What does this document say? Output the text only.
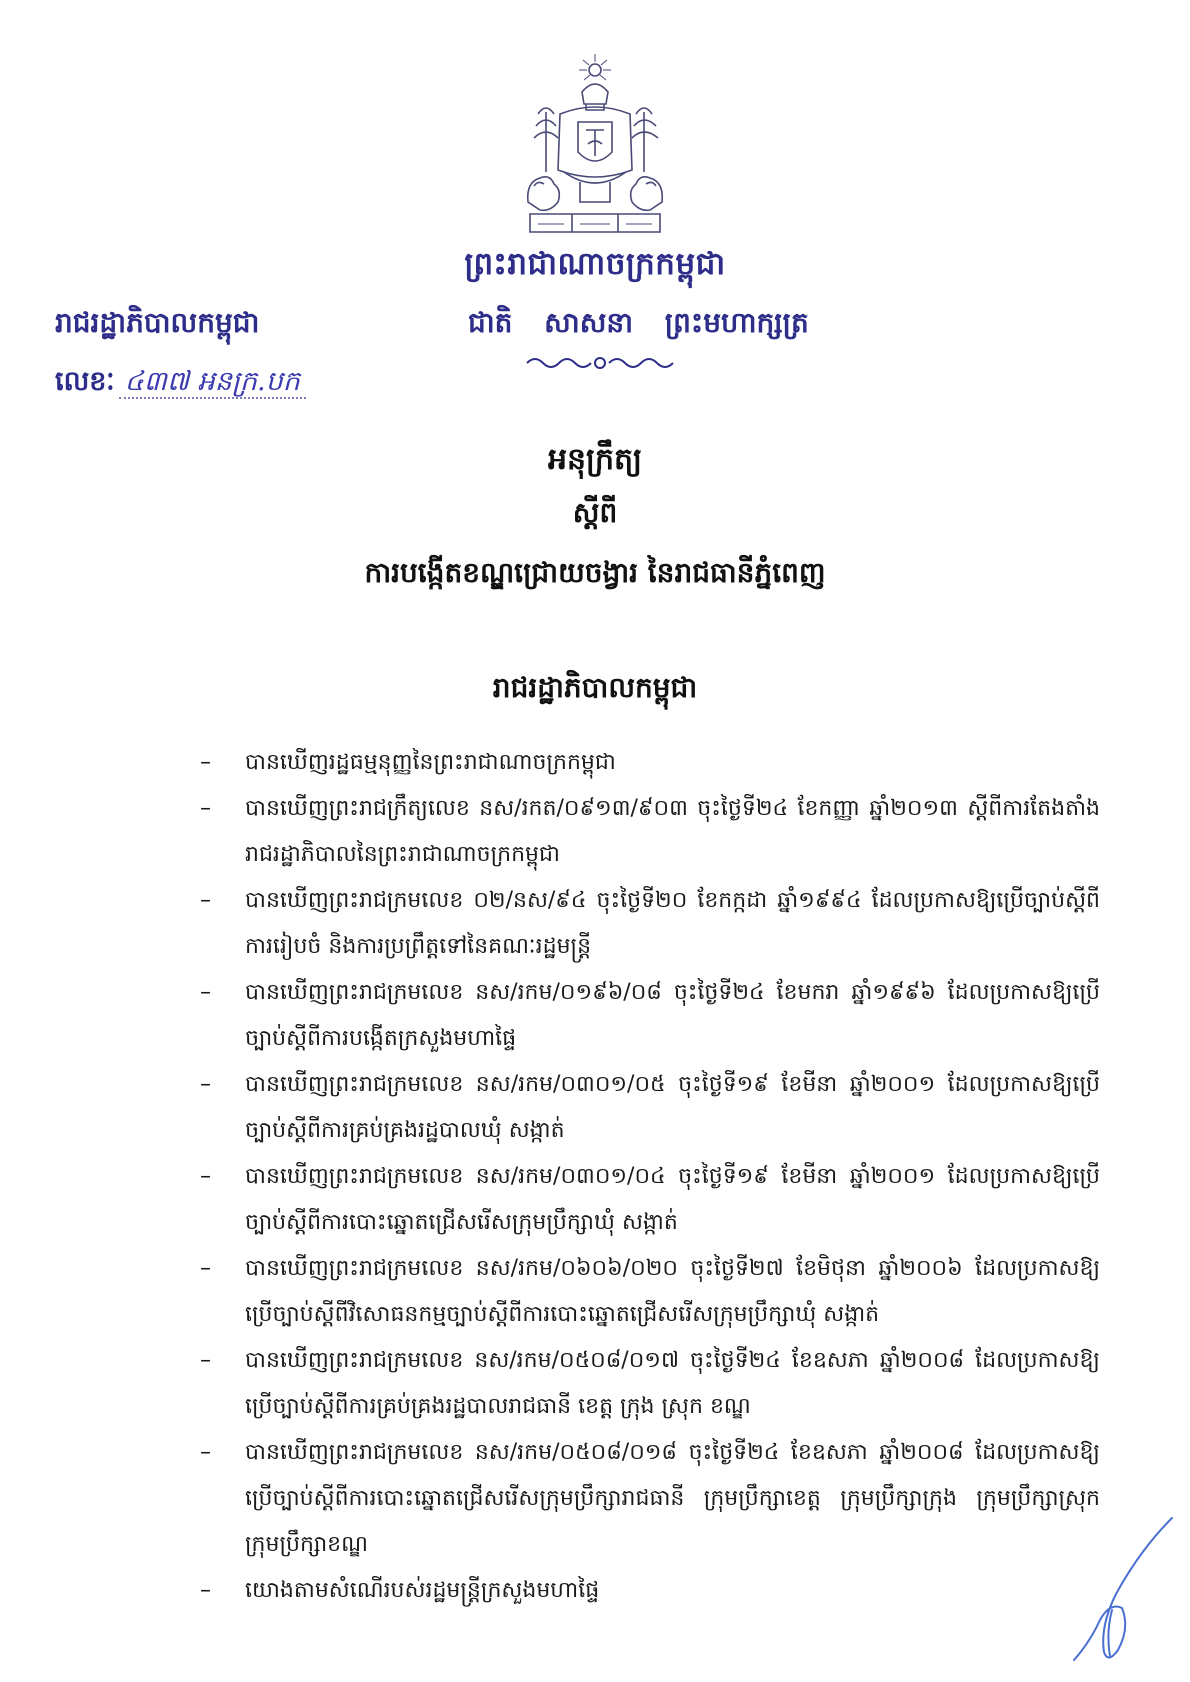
ព្រះរាជាណាចក្រកម្ពុជា
រាជរដ្ឋាភិបាលកម្ពុជា	ជាតិ សាសនា ព្រះមហាក្សត្រ
លេខៈ ៤៣៧ អនក្រ.បក
អនុក្រឹត្យ
ស្ដីពី
ការបង្កើតខណ្ឌជ្រោយចង្វារ នៃរាជធានីភ្នំពេញ
រាជរដ្ឋាភិបាលកម្ពុជា
– បានឃើញរដ្ឋធម្មនុញ្ញនៃព្រះរាជាណាចក្រកម្ពុជា
– បានឃើញព្រះរាជក្រឹត្យលេខ នស/រកត/០៩១៣/៩០៣ ចុះថ្ងៃទី២៤ ខែកញ្ញា ឆ្នាំ២០១៣ ស្ដីពីការតែងតាំងរាជរដ្ឋាភិបាលនៃព្រះរាជាណាចក្រកម្ពុជា
– បានឃើញព្រះរាជក្រមលេខ ០២/នស/៩៤ ចុះថ្ងៃទី២០ ខែកក្កដា ឆ្នាំ១៩៩៤ ដែលប្រកាសឱ្យប្រើច្បាប់ស្ដីពីការរៀបចំ និងការប្រព្រឹត្តទៅនៃគណៈរដ្ឋមន្ត្រី
– បានឃើញព្រះរាជក្រមលេខ នស/រកម/០១៩៦/០៨ ចុះថ្ងៃទី២៤ ខែមករា ឆ្នាំ១៩៩៦ ដែលប្រកាសឱ្យប្រើច្បាប់ស្ដីពីការបង្កើតក្រសួងមហាផ្ទៃ
– បានឃើញព្រះរាជក្រមលេខ នស/រកម/០៣០១/០៥ ចុះថ្ងៃទី១៩ ខែមីនា ឆ្នាំ២០០១ ដែលប្រកាសឱ្យប្រើច្បាប់ស្ដីពីការគ្រប់គ្រងរដ្ឋបាលឃុំ សង្កាត់
– បានឃើញព្រះរាជក្រមលេខ នស/រកម/០៣០១/០៤ ចុះថ្ងៃទី១៩ ខែមីនា ឆ្នាំ២០០១ ដែលប្រកាសឱ្យប្រើច្បាប់ស្ដីពីការបោះឆ្នោតជ្រើសរើសក្រុមប្រឹក្សាឃុំ សង្កាត់
– បានឃើញព្រះរាជក្រមលេខ នស/រកម/០៦០៦/០២០ ចុះថ្ងៃទី២៧ ខែមិថុនា ឆ្នាំ២០០៦ ដែលប្រកាសឱ្យប្រើច្បាប់ស្ដីពីវិសោធនកម្មច្បាប់ស្ដីពីការបោះឆ្នោតជ្រើសរើសក្រុមប្រឹក្សាឃុំ សង្កាត់
– បានឃើញព្រះរាជក្រមលេខ នស/រកម/០៥០៨/០១៧ ចុះថ្ងៃទី២៤ ខែឧសភា ឆ្នាំ២០០៨ ដែលប្រកាសឱ្យប្រើច្បាប់ស្ដីពីការគ្រប់គ្រងរដ្ឋបាលរាជធានី ខេត្ត ក្រុង ស្រុក ខណ្ឌ
– បានឃើញព្រះរាជក្រមលេខ នស/រកម/០៥០៨/០១៨ ចុះថ្ងៃទី២៤ ខែឧសភា ឆ្នាំ២០០៨ ដែលប្រកាសឱ្យប្រើច្បាប់ស្ដីពីការបោះឆ្នោតជ្រើសរើសក្រុមប្រឹក្សារាជធានី ក្រុមប្រឹក្សាខេត្ត ក្រុមប្រឹក្សាក្រុង ក្រុមប្រឹក្សាស្រុក ក្រុមប្រឹក្សាខណ្ឌ
– យោងតាមសំណើរបស់រដ្ឋមន្ត្រីក្រសួងមហាផ្ទៃ
